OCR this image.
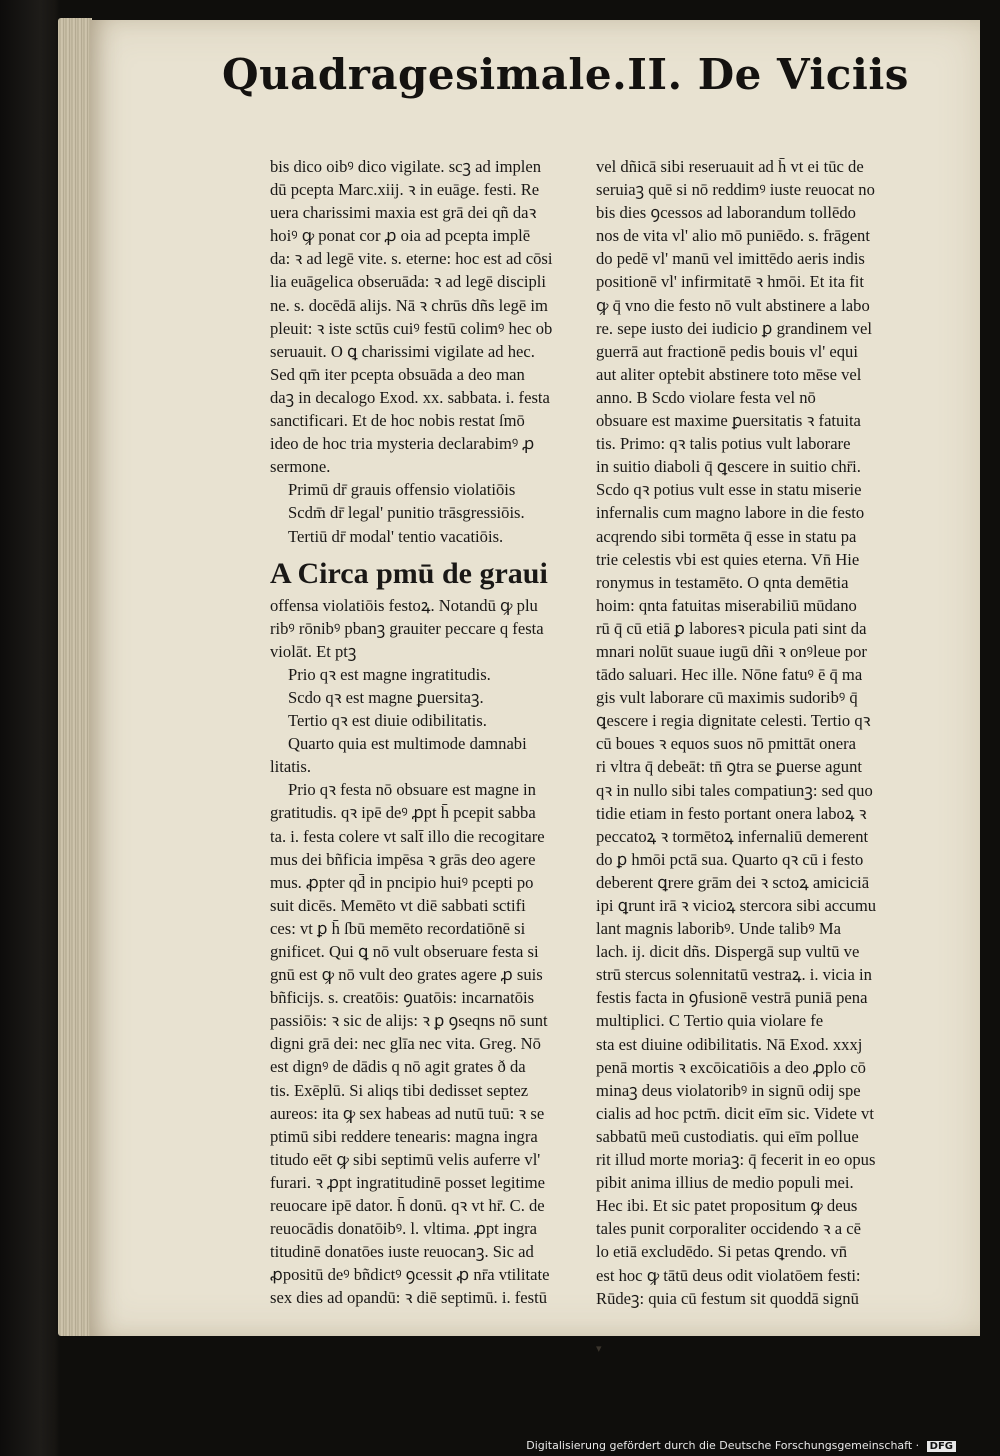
Quadragesimale.II. De Viciis
bis dico oibꝰ dico vigilate. scꝫ ad implen
dū pcepta Marc.xiij. ꝛ in euāge. festi. Re
uera charissimi maxia est grā dei qñ daꝛ
hoiꝰ ꝙ ponat cor ꝓ oia ad pcepta implē
da: ꝛ ad legē vite. s. eterne: hoc est ad cōsi
lia euāgelica obseruāda: ꝛ ad legē discipli
ne. s. docēdā alijs. Nā ꝛ chrūs dñs legē im
pleuit: ꝛ iste sctūs cuiꝰ festū colimꝰ hec ob
seruauit. O ꝗ charissimi vigilate ad hec.
Sed qm̄ iter pcepta obsuāda a deo man
daꝫ in decalogo Exod. xx. sabbata. i. festa
sanctificari. Et de hoc nobis restat ſmō
ideo de hoc tria mysteria declarabimꝰ ꝓ
sermone.
Primū dr̄ grauis offensio violatiōis
Scdm̄ dr̄ legal' punitio trāsgressiōis.
Tertiū dr̄ modal' tentio vacatiōis.
A Circa pmū de graui
offensa violatiōis festoꝝ. Notandū ꝙ plu
ribꝰ rōnibꝰ pbanꝫ grauiter peccare q festa
violāt. Et ptꝫ
Prio qꝛ est magne ingratitudis.
Scdo qꝛ est magne ꝑuersitaꝫ.
Tertio qꝛ est diuie odibilitatis.
Quarto quia est multimode damnabi
litatis.
Prio qꝛ festa nō obsuare est magne in
gratitudis. qꝛ ipē deꝰ ꝓpt h̄ pcepit sabba
ta. i. festa colere vt salt̄ illo die recogitare
mus dei bñficia impēsa ꝛ grās deo agere
mus. ꝓpter qd̄ in pncipio huiꝰ pcepti po
suit dicēs. Memēto vt diē sabbati sctifi
ces: vt ꝑ h̄ ſbū memēto recordatiōnē si
gnificet. Qui ꝗ nō vult obseruare festa si
gnū est ꝙ nō vult deo grates agere ꝓ suis
bñficijs. s. creatōis: ꝯuatōis: incarnatōis
passiōis: ꝛ sic de alijs: ꝛ ꝑ ꝯseqns nō sunt
digni grā dei: nec glīa nec vita. Greg. Nō
est dignꝰ de dādis q nō agit grates ð da
tis. Exēplū. Si aliqs tibi dedisset septez
aureos: ita ꝙ sex habeas ad nutū tuū: ꝛ se
ptimū sibi reddere tenearis: magna ingra
titudo eēt ꝙ sibi septimū velis auferre vl'
furari. ꝛ ꝓpt ingratitudinē posset legitime
reuocare ipē dator. h̄ donū. qꝛ vt hr̄. C. de
reuocādis donatōibꝰ. l. vltima. ꝓpt ingra
titudinē donatōes iuste reuocanꝫ. Sic ad
ꝓpositū deꝰ bñdictꝰ ꝯcessit ꝓ nr̄a vtilitate
sex dies ad opandū: ꝛ diē septimū. i. festū
vel dñicā sibi reseruauit ad h̄ vt ei tūc de
seruiaꝫ quē si nō reddimꝰ iuste reuocat no
bis dies ꝯcessos ad laborandum tollēdo
nos de vita vl' alio mō puniēdo. s. frāgent
do pedē vl' manū vel imittēdo aeris indis
positionē vl' infirmitatē ꝛ hmōi. Et ita fit
ꝙ q̄ vno die festo nō vult abstinere a labo
re. sepe iusto dei iudicio ꝑ grandinem vel
guerrā aut fractionē pedis bouis vl' equi
aut aliter optebit abstinere toto mēse vel
anno. B Scdo violare festa vel nō
obsuare est maxime ꝑuersitatis ꝛ fatuita
tis. Primo: qꝛ talis potius vult laborare
in suitio diaboli q̄ ꝗescere in suitio chr̄i.
Scdo qꝛ potius vult esse in statu miserie
infernalis cum magno labore in die festo
acqrendo sibi tormēta q̄ esse in statu pa
trie celestis vbi est quies eterna. Vn̄ Hie
ronymus in testamēto. O qnta demētia
hoim: qnta fatuitas miserabiliū mūdano
rū q̄ cū etiā ꝑ laboresꝛ picula pati sint da
mnari nolūt suaue iugū dñi ꝛ onꝰleue por
tādo saluari. Hec ille. Nōne fatuꝰ ē q̄ ma
gis vult laborare cū maximis sudoribꝰ q̄
ꝗescere i regia dignitate celesti. Tertio qꝛ
cū boues ꝛ equos suos nō pmittāt onera
ri vltra q̄ debeāt: tn̄ ꝯtra se ꝑuerse agunt
qꝛ in nullo sibi tales compatiunꝫ: sed quo
tidie etiam in festo portant onera laboꝝ ꝛ
peccatoꝝ ꝛ tormētoꝝ infernaliū demerent
do ꝑ hmōi pctā sua. Quarto qꝛ cū i festo
deberent ꝗrere grām dei ꝛ sctoꝝ amiciciā
ipi ꝗrunt irā ꝛ vicioꝝ stercora sibi accumu
lant magnis laboribꝰ. Unde talibꝰ Ma
lach. ij. dicit dñs. Dispergā sup vultū ve
strū stercus solennitatū vestraꝝ. i. vicia in
festis facta in ꝯfusionē vestrā puniā pena
multiplici. C Tertio quia violare fe
sta est diuine odibilitatis. Nā Exod. xxxj
penā mortis ꝛ excōicatiōis a deo ꝓplo cō
minaꝫ deus violatoribꝰ in signū odij spe
cialis ad hoc pctm̄. dicit eīm sic. Videte vt
sabbatū meū custodiatis. qui eīm pollue
rit illud morte moriaꝫ: q̄ fecerit in eo opus
pibit anima illius de medio populi mei.
Hec ibi. Et sic patet propositum ꝙ deus
tales punit corporaliter occidendo ꝛ a cē
lo etiā excludēdo. Si petas ꝗrendo. vn̄
est hoc ꝙ tātū deus odit violatōem festi:
Rūdeꝫ: quia cū festum sit quoddā signū
▾
Digitalisierung gefördert durch die Deutsche Forschungsgemeinschaft · DFG
